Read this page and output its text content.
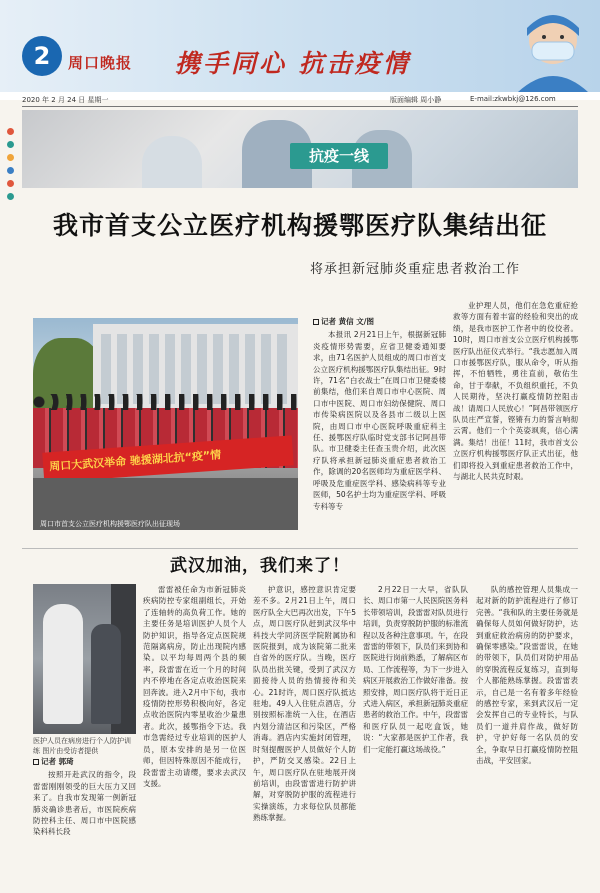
2	周口晚报 携手同心 抗击疫情
2020 年 2 月 24 日 星期一	版面编辑 周小静	E-mail:zkwbkj@126.com
抗疫一线
我市首支公立医疗机构援鄂医疗队集结出征
将承担新冠肺炎重症患者救治工作
周口大武汉举命 驰援湖北抗“疫”情
周口市首支公立医疗机构援鄂医疗队出征现场
记者 黄信 文/图

本报讯 2月21日上午，根据新冠肺炎疫情形势需要，应省卫健委通知要求，由71名医护人员组成的周口市首支公立医疗机构援鄂医疗队集结出征。9时许，71名“白衣战士”在周口市卫健委楼前集结，他们来自周口市中心医院、周口市中医院、周口市妇幼保健院、周口市传染病医院以及各县市二级以上医院，由周口市中心医院呼吸重症科主任、援鄂医疗队临时党支部书记阿昌带队。市卫健委主任查玉贵介绍，此次医疗队将承担新冠肺炎重症患者救治工作，除调的20名医师均为重症医学科、呼吸及危重症医学科、感染病科等专业医师，50名护士均为重症医学科、呼吸专科等专

业护理人员，他们在急危重症抢救等方面有着丰富的经验和突出的成绩，是我市医护工作者中的佼佼者。10时，周口市首支公立医疗机构援鄂医疗队出征仪式举行。“我志愿加入周口市援鄂医疗队，服从命令，听从指挥，不怕牺牲，勇往直前，敬佑生命，甘于奉献，不负组织重托，不负人民期待，坚决打赢疫情防控阻击战！请周口人民放心！”阿昌带领医疗队员庄严宣誓，铿锵有力的誓言响彻云霄。他们一个个英姿飒爽，信心满满。集结！出征！11时，我市首支公立医疗机构援鄂医疗队正式出征，他们即将投入到重症患者救治工作中，与湖北人民共克时艰。

武汉加油，我们来了！
医护人员在病房进行个人防护训练 图片由受访者提供
记者 郭琦

按照开赴武汉的指令，段雷雷刚刚领受的巨大压力又回来了。自我市发现第一例新冠肺炎确诊患者后，市医院疾病防控科主任、周口市中医院感染科科长段

雷雷被任命为市新冠肺炎疾病防控专家组副组长，开始了连轴转的高负荷工作。她的主要任务是培训医护人员个人防护知识，指导各定点医院规范隔离病房，防止出现院内感染。以平均每周两个县的频率，段雷雷在近一个月的时间内不停地在各定点收治医院来回奔波。进入2月中下旬，我市疫情防控形势积极向好，各定点收治医院内零星收治少量患者。此次，援鄂指令下达。我市急需经过专业培训的医护人员，原本安排的是另一位医师，但因特殊原因不能成行，段雷雷主动请缨，要求去武汉支援。

护意识，感控意识肯定要差不多。2月21日上午，周口医疗队全大巴再次出发，下午5点，周口医疗队赶到武汉华中科技大学同济医学院附属协和医院报到，成为该院第二批来自省外的医疗队。当晚，医疗队员出批关键，受到了武汉方面接待人员的热情接待和关心。21时许，周口医疗队抵达驻地。49人入住驻点酒店，分别按照标准统一入住，在酒店内划分清洁区和污染区，严格消毒。酒店内实施封闭管理，时刻提醒医护人员做好个人防护，严防交叉感染。22日上午，周口医疗队在驻地展开岗前培训，由段雷雷进行防护讲解，对穿脱防护服的流程进行实操演练，力求每位队员都能熟练掌握。

2月22日一大早，省队队长、周口市第一人民医院医务科长带领培训，段雷雷对队员进行培训，负责穿脱防护服的标准流程以及各种注意事项。午，在段雷雷的带领下，队员们来到协和医院进行岗前熟悉，了解病区布局、工作流程等，为下一步进入病区开展救治工作做好准备。按照安排，周口医疗队将于近日正式进入病区，承担新冠肺炎重症患者的救治工作。中午，段雷雷和医疗队员一起吃盒饭，她说：“大家都是医护工作者，我们一定能打赢这场战役。”

队的感控管理人员集成一起对新的防护流程进行了修订完善。“我和队的主要任务就是确保每人员如何做好防护，达到重症救治病房的防护要求，确保零感染。”段雷雷说，在她的带领下，队员们对防护用品的穿脱流程反复练习，直到每个人都能熟练掌握。段雷雷表示，自己是一名有着多年经验的感控专家，来到武汉后一定会发挥自己的专业特长，与队员们一道并肩作战，做好防护，守护好每一名队员的安全，争取早日打赢疫情防控阻击战，平安回家。
